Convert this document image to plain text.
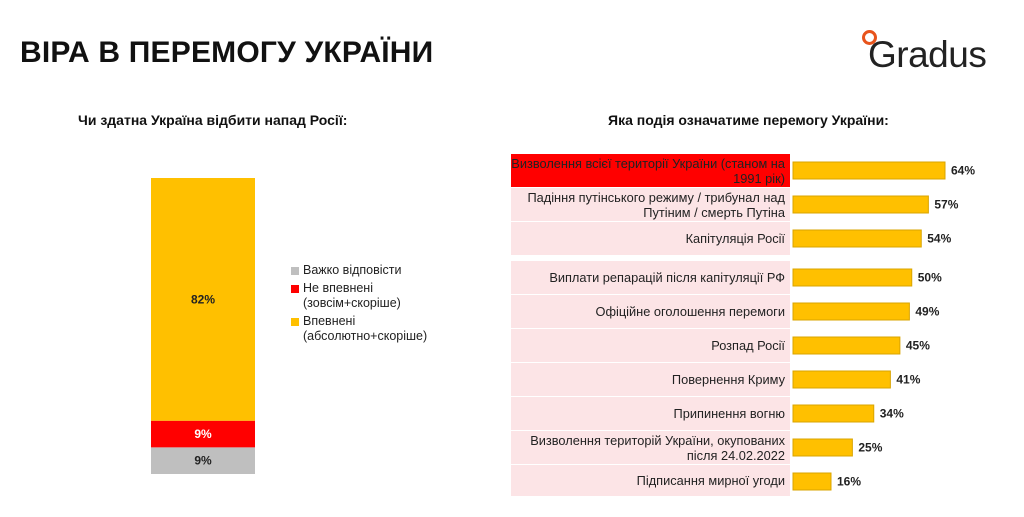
ВІРА В ПЕРЕМОГУ УКРАЇНИ	Gradus
Чи здатна Україна відбити напад Росії:	Яка подія означатиме перемогу України:
9%
9%
82%
64%
57%
54%
50%
49%
45%
41%
34%
25%
16%
Важко відповісти
Не впевнені (зовсім+скоріше)
Впевнені (абсолютно+скоріше)
Визволення всієї території України (станом на 1991 рік)
Падіння путінського режиму / трибунал над Путіним / смерть Путіна
Капітуляція Росії
Виплати репарацій після капітуляції РФ
Офіційне оголошення перемоги
Розпад Росії
Повернення Криму
Припинення вогню
Визволення територій України, окупованих після 24.02.2022
Підписання мирної угоди
